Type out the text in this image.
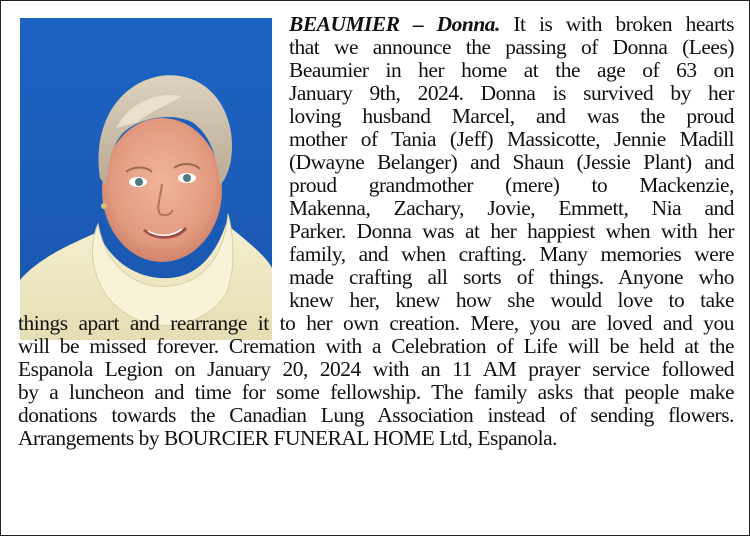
BEAUMIER – Donna. It is with broken hearts
that we announce the passing of Donna (Lees)
Beaumier in her home at the age of 63 on
January 9th, 2024. Donna is survived by her
loving husband Marcel, and was the proud
mother of Tania (Jeff) Massicotte, Jennie Madill
(Dwayne Belanger) and Shaun (Jessie Plant) and
proud grandmother (mere) to Mackenzie,
Makenna, Zachary, Jovie, Emmett, Nia and
Parker. Donna was at her happiest when with her
family, and when crafting. Many memories were
made crafting all sorts of things. Anyone who
knew her, knew how she would love to take
things apart and rearrange it to her own creation. Mere, you are loved and you
will be missed forever. Cremation with a Celebration of Life will be held at the
Espanola Legion on January 20, 2024 with an 11 AM prayer service followed
by a luncheon and time for some fellowship. The family asks that people make
donations towards the Canadian Lung Association instead of sending flowers.
Arrangements by BOURCIER FUNERAL HOME Ltd, Espanola.
